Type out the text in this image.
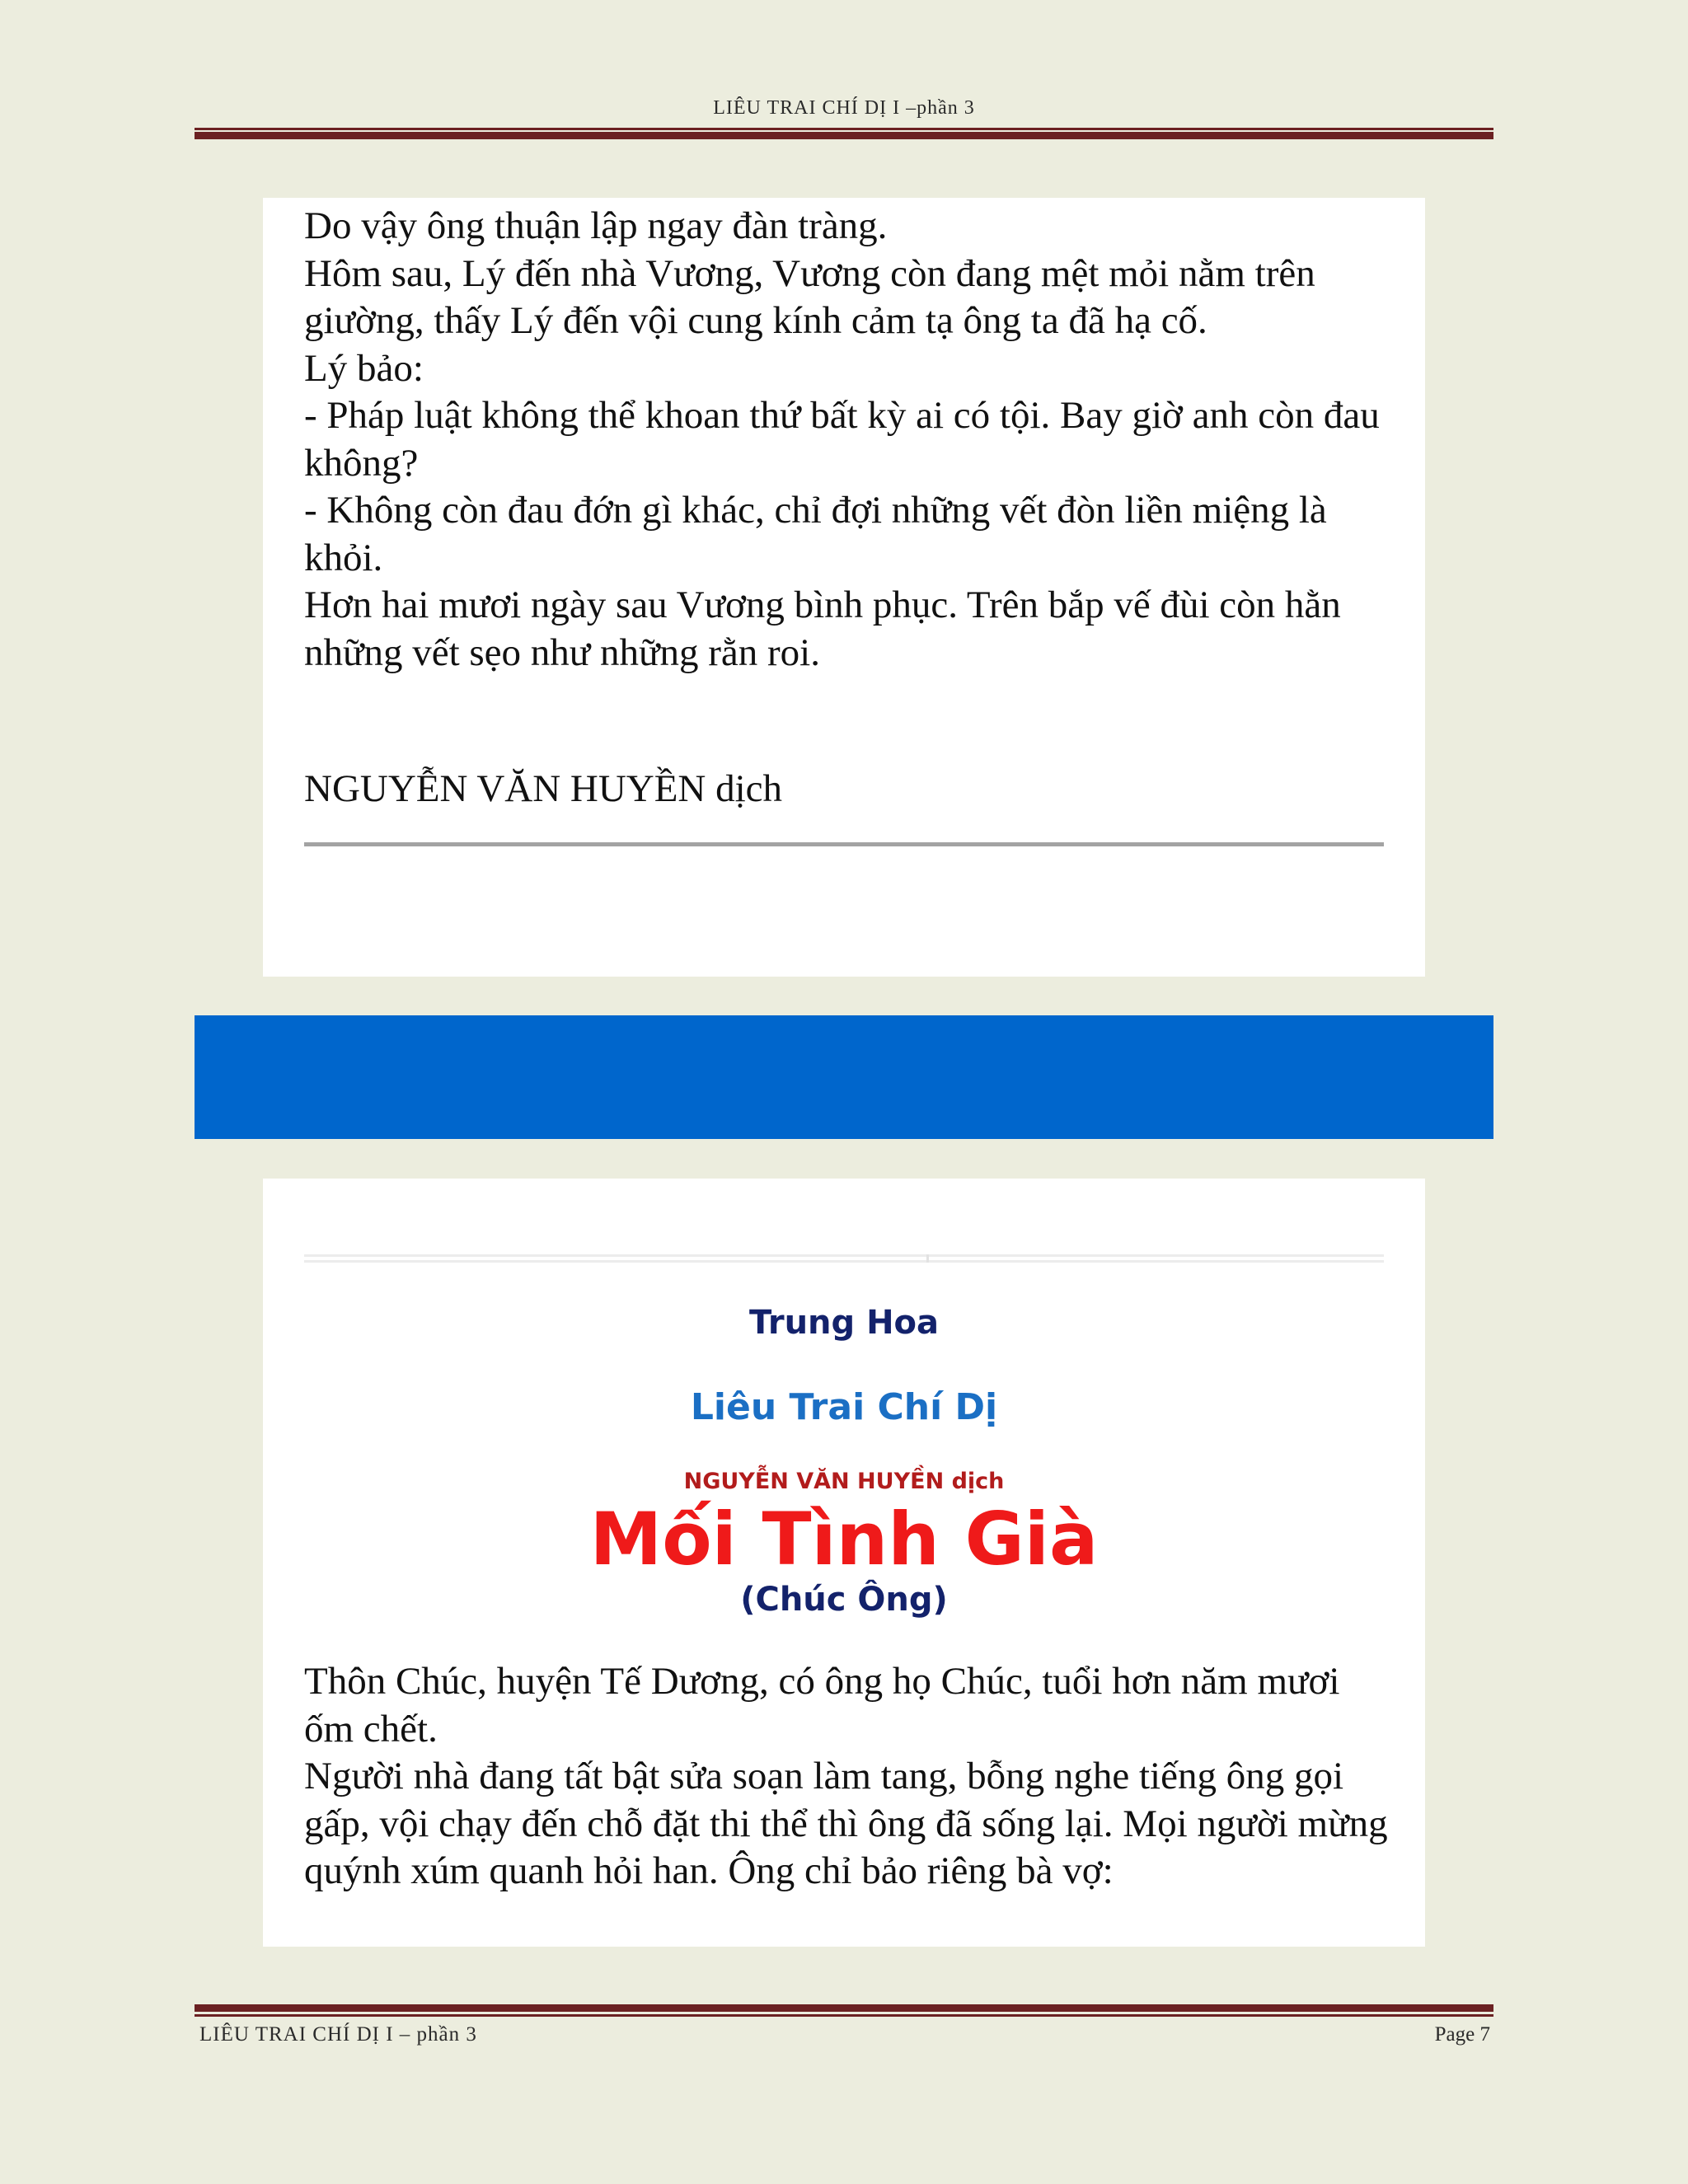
LIÊU TRAI CHÍ DỊ I –phần 3

Do vậy ông thuận lập ngay đàn tràng.

Hôm sau, Lý đến nhà Vương, Vương còn đang mệt mỏi nằm trên giường, thấy Lý đến vội cung kính cảm tạ ông ta đã hạ cố.

Lý bảo:

- Pháp luật không thể khoan thứ bất kỳ ai có tội. Bay giờ anh còn đau không?

- Không còn đau đớn gì khác, chỉ đợi những vết đòn liền miệng là khỏi.

Hơn hai mươi ngày sau Vương bình phục. Trên bắp vế đùi còn hằn những vết sẹo như những rằn roi.

NGUYỄN VĂN HUYỀN dịch
Trung Hoa
Liêu Trai Chí Dị
NGUYỄN VĂN HUYỀN dịch
Mối Tình Già
(Chúc Ông)

Thôn Chúc, huyện Tế Dương, có ông họ Chúc, tuổi hơn năm mươi ốm chết.

Người nhà đang tất bật sửa soạn làm tang, bỗng nghe tiếng ông gọi gấp, vội chạy đến chỗ đặt thi thể thì ông đã sống lại. Mọi người mừng quýnh xúm quanh hỏi han. Ông chỉ bảo riêng bà vợ:

LIÊU TRAI CHÍ DỊ I – phần 3	Page 7
